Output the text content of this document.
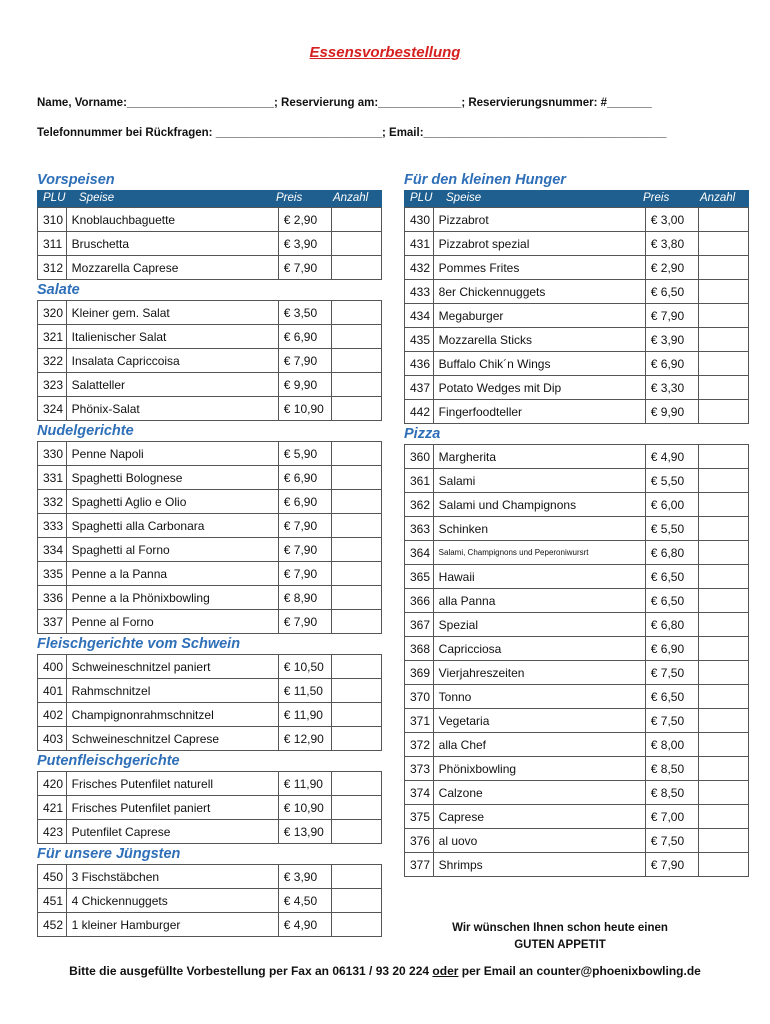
Essensvorbestellung
Name, Vorname:_______________________; Reservierung am:_____________; Reservierungsnummer: #_______
Telefonnummer bei Rückfragen: __________________________; Email:______________________________________
Vorspeisen
PLU	Speise	Preis	Anzahl
310	Knoblauchbaguette	€ 2,90	
311	Bruschetta	€ 3,90	
312	Mozzarella Caprese	€ 7,90	
Salate
320	Kleiner gem. Salat	€ 3,50	
321	Italienischer Salat	€ 6,90	
322	Insalata Capriccoisa	€ 7,90	
323	Salatteller	€ 9,90	
324	Phönix-Salat	€ 10,90	
Nudelgerichte
330	Penne Napoli	€ 5,90	
331	Spaghetti Bolognese	€ 6,90	
332	Spaghetti Aglio e Olio	€ 6,90	
333	Spaghetti alla Carbonara	€ 7,90	
334	Spaghetti al Forno	€ 7,90	
335	Penne a la Panna	€ 7,90	
336	Penne a la Phönixbowling	€ 8,90	
337	Penne al Forno	€ 7,90	
Fleischgerichte vom Schwein
400	Schweineschnitzel paniert	€ 10,50	
401	Rahmschnitzel	€ 11,50	
402	Champignonrahmschnitzel	€ 11,90	
403	Schweineschnitzel Caprese	€ 12,90	
Putenfleischgerichte
420	Frisches Putenfilet naturell	€ 11,90	
421	Frisches Putenfilet paniert	€ 10,90	
423	Putenfilet Caprese	€ 13,90	
Für unsere Jüngsten
450	3 Fischstäbchen	€ 3,90	
451	4 Chickennuggets	€ 4,50	
452	1 kleiner Hamburger	€ 4,90	
Für den kleinen Hunger
PLU	Speise	Preis	Anzahl
430	Pizzabrot	€ 3,00	
431	Pizzabrot spezial	€ 3,80	
432	Pommes Frites	€ 2,90	
433	8er Chickennuggets	€ 6,50	
434	Megaburger	€ 7,90	
435	Mozzarella Sticks	€ 3,90	
436	Buffalo Chik´n Wings	€ 6,90	
437	Potato Wedges mit Dip	€ 3,30	
442	Fingerfoodteller	€ 9,90	
Pizza
360	Margherita	€ 4,90	
361	Salami	€ 5,50	
362	Salami und Champignons	€ 6,00	
363	Schinken	€ 5,50	
364	Salami, Champignons und Peperoniwursrt	€ 6,80	
365	Hawaii	€ 6,50	
366	alla Panna	€ 6,50	
367	Spezial	€ 6,80	
368	Capricciosa	€ 6,90	
369	Vierjahreszeiten	€ 7,50	
370	Tonno	€ 6,50	
371	Vegetaria	€ 7,50	
372	alla Chef	€ 8,00	
373	Phönixbowling	€ 8,50	
374	Calzone	€ 8,50	
375	Caprese	€ 7,00	
376	al uovo	€ 7,50	
377	Shrimps	€ 7,90	
Wir wünschen Ihnen schon heute einen
GUTEN APPETIT
Bitte die ausgefüllte Vorbestellung per Fax an 06131 / 93 20 224 oder per Email an counter@phoenixbowling.de
